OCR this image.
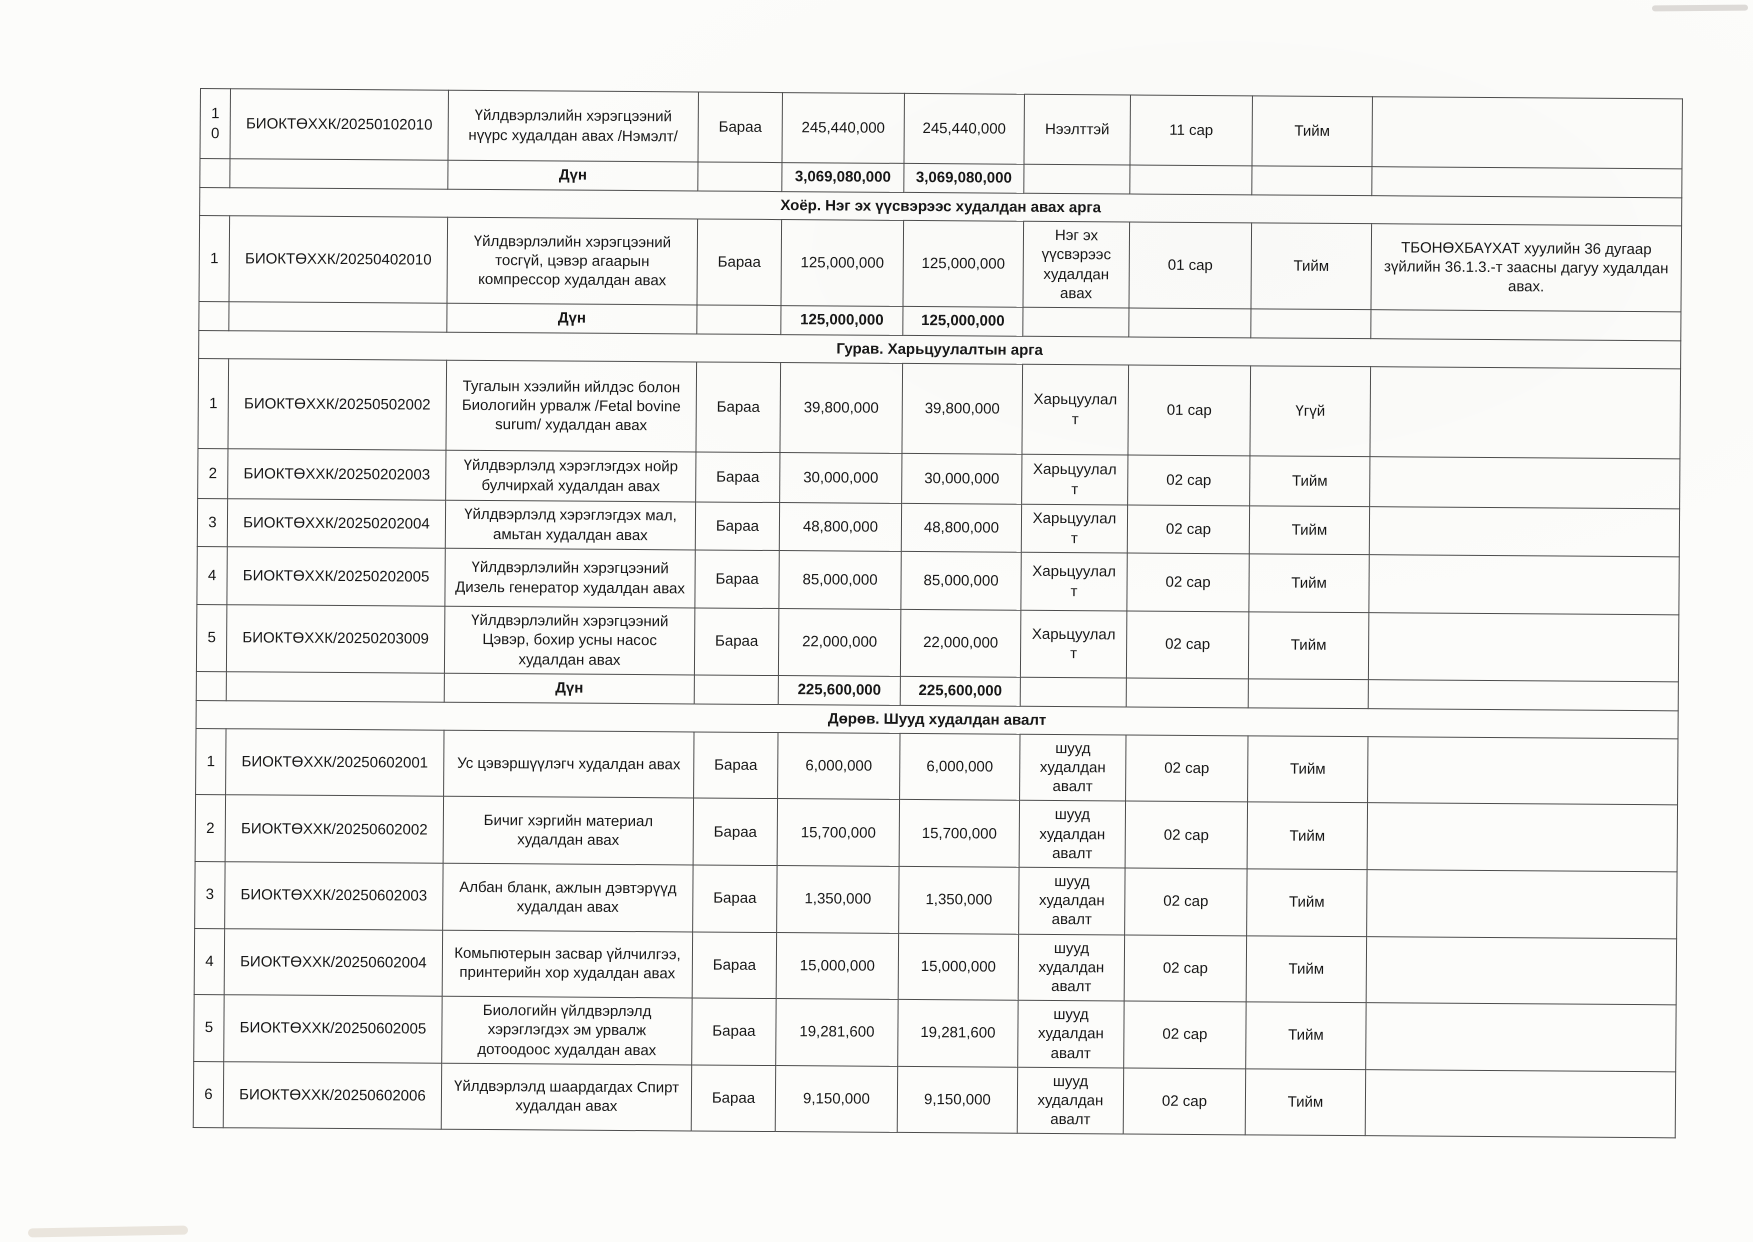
10	БИОКТӨХХК/20250102010	Үйлдвэрлэлийн хэрэгцээний нүүрс худалдан авах /Нэмэлт/	Бараа	245,440,000	245,440,000	Нээлттэй	11 сар	Тийм	
		Дүн		3,069,080,000	3,069,080,000				
Хоёр. Нэг эх үүсвэрээс худалдан авах арга									
1	БИОКТӨХХК/20250402010	Үйлдвэрлэлийн хэрэгцээний тосгүй, цэвэр агаарын компрессор худалдан авах	Бараа	125,000,000	125,000,000	Нэг эх үүсвэрээс худалдан авах	01 сар	Тийм	ТБОНӨХБАҮХАТ хуулийн 36 дугаар зүйлийн 36.1.3.-т заасны дагуу худалдан авах.
		Дүн		125,000,000	125,000,000				
Гурав. Харьцуулалтын арга									
1	БИОКТӨХХК/20250502002	Тугалын хээлийн ийлдэс болон Биологийн урвалж /Fetal bovine surum/ худалдан авах	Бараа	39,800,000	39,800,000	Харьцуулалт	01 сар	Үгүй	
2	БИОКТӨХХК/20250202003	Үйлдвэрлэлд хэрэглэгдэх нойр булчирхай худалдан авах	Бараа	30,000,000	30,000,000	Харьцуулалт	02 сар	Тийм	
3	БИОКТӨХХК/20250202004	Үйлдвэрлэлд хэрэглэгдэх мал, амьтан худалдан авах	Бараа	48,800,000	48,800,000	Харьцуулалт	02 сар	Тийм	
4	БИОКТӨХХК/20250202005	Үйлдвэрлэлийн хэрэгцээний Дизель генератор худалдан авах	Бараа	85,000,000	85,000,000	Харьцуулалт	02 сар	Тийм	
5	БИОКТӨХХК/20250203009	Үйлдвэрлэлийн хэрэгцээний Цэвэр, бохир усны насос худалдан авах	Бараа	22,000,000	22,000,000	Харьцуулалт	02 сар	Тийм	
		Дүн		225,600,000	225,600,000				
Дөрөв. Шууд худалдан авалт									
1	БИОКТӨХХК/20250602001	Ус цэвэршүүлэгч худалдан авах	Бараа	6,000,000	6,000,000	шууд худалдан авалт	02 сар	Тийм	
2	БИОКТӨХХК/20250602002	Бичиг хэргийн материал худалдан авах	Бараа	15,700,000	15,700,000	шууд худалдан авалт	02 сар	Тийм	
3	БИОКТӨХХК/20250602003	Албан бланк, ажлын дэвтэрүүд худалдан авах	Бараа	1,350,000	1,350,000	шууд худалдан авалт	02 сар	Тийм	
4	БИОКТӨХХК/20250602004	Комьпютерын засвар үйлчилгээ, принтерийн хор худалдан авах	Бараа	15,000,000	15,000,000	шууд худалдан авалт	02 сар	Тийм	
5	БИОКТӨХХК/20250602005	Биологийн үйлдвэрлэлд хэрэглэгдэх эм урвалж дотоодоос худалдан авах	Бараа	19,281,600	19,281,600	шууд худалдан авалт	02 сар	Тийм	
6	БИОКТӨХХК/20250602006	Үйлдвэрлэлд шаардагдах Спирт худалдан авах	Бараа	9,150,000	9,150,000	шууд худалдан авалт	02 сар	Тийм	
